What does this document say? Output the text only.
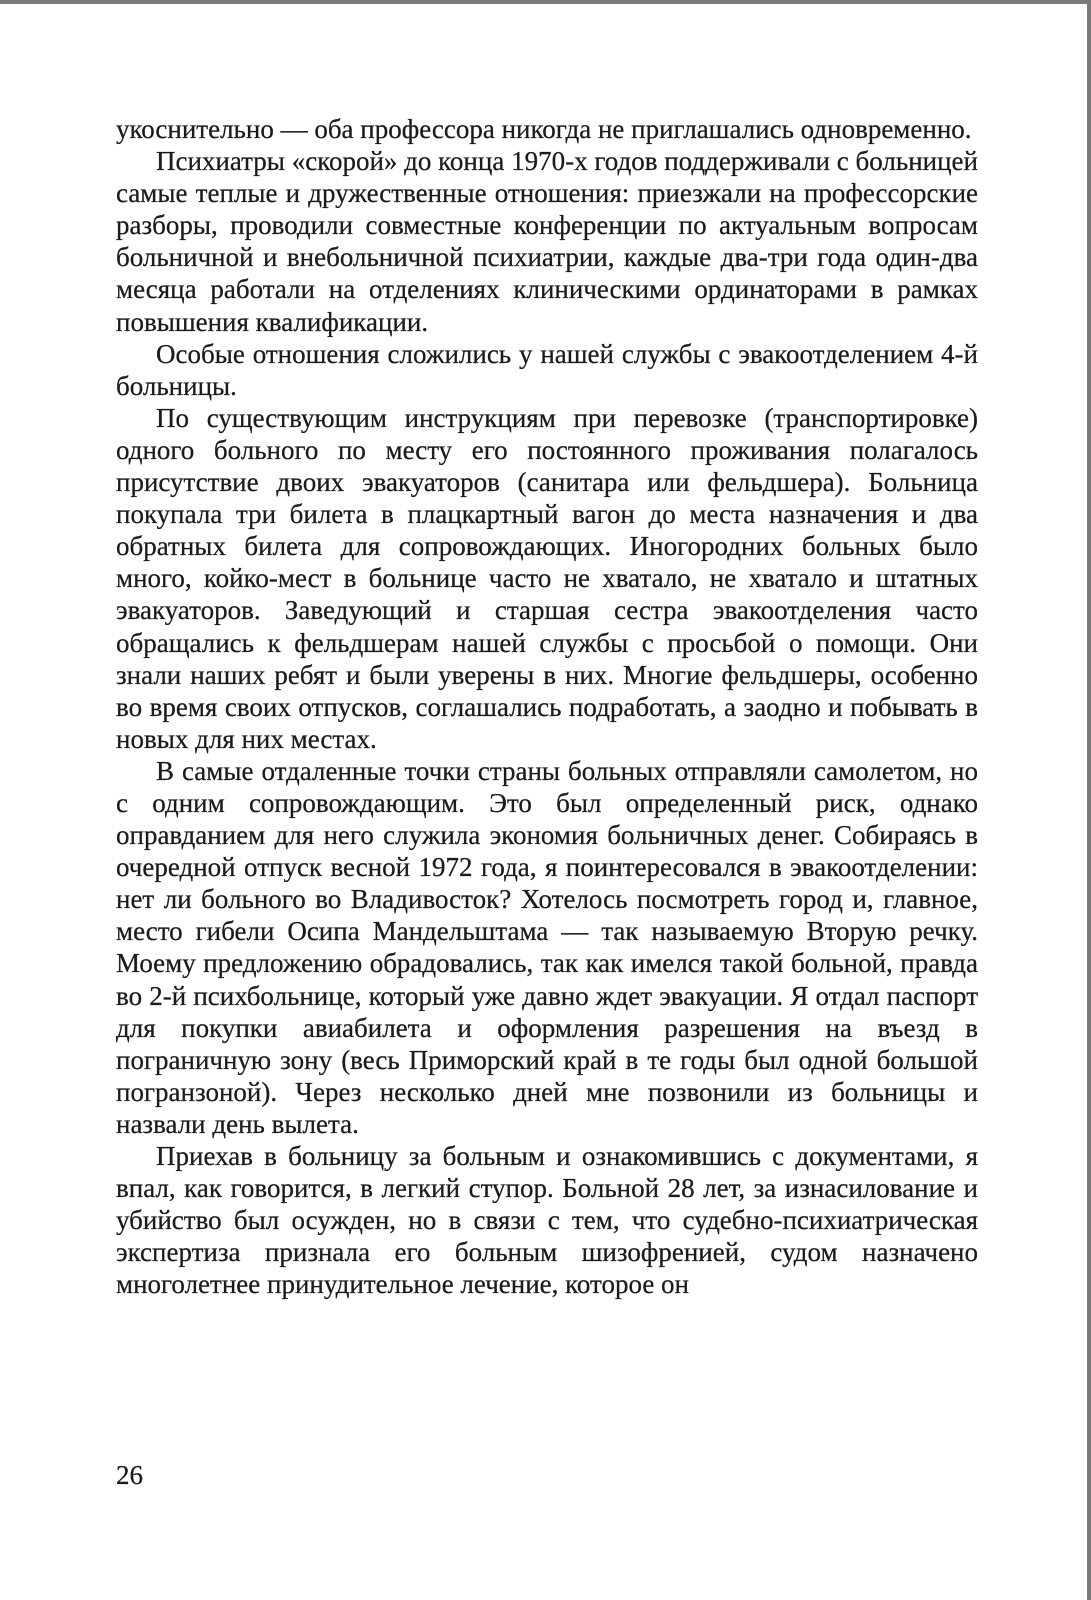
укоснительно — оба профессора никогда не приглашались одновременно.

Психиатры «скорой» до конца 1970-х годов поддерживали с больницей самые теплые и дружественные отношения: приезжали на профессорские разборы, проводили совместные конференции по актуальным вопросам больничной и внебольничной психиатрии, каждые два-три года один-два месяца работали на отделениях клиническими ординаторами в рамках повышения квалификации.

Особые отношения сложились у нашей службы с эвакоотделением 4-й больницы.

По существующим инструкциям при перевозке (транспортировке) одного больного по месту его постоянного проживания полагалось присутствие двоих эвакуаторов (санитара или фельдшера). Больница покупала три билета в плацкартный вагон до места назначения и два обратных билета для сопровождающих. Иногородних больных было много, койко-мест в больнице часто не хватало, не хватало и штатных эвакуаторов. Заведующий и старшая сестра эвакоотделения часто обращались к фельдшерам нашей службы с просьбой о помощи. Они знали наших ребят и были уверены в них. Многие фельдшеры, особенно во время своих отпусков, соглашались подработать, а заодно и побывать в новых для них местах.

В самые отдаленные точки страны больных отправляли самолетом, но с одним сопровождающим. Это был определенный риск, однако оправданием для него служила экономия больничных денег. Собираясь в очередной отпуск весной 1972 года, я поинтересовался в эвакоотделении: нет ли больного во Владивосток? Хотелось посмотреть город и, главное, место гибели Осипа Мандельштама — так называемую Вторую речку. Моему предложению обрадовались, так как имелся такой больной, правда во 2-й психбольнице, который уже давно ждет эвакуации. Я отдал паспорт для покупки авиабилета и оформления разрешения на въезд в пограничную зону (весь Приморский край в те годы был одной большой погранзоной). Через несколько дней мне позвонили из больницы и назвали день вылета.

Приехав в больницу за больным и ознакомившись с документами, я впал, как говорится, в легкий ступор. Больной 28 лет, за изнасилование и убийство был осужден, но в связи с тем, что судебно-психиатрическая экспертиза признала его больным шизофренией, судом назначено многолетнее принудительное лечение, которое он

26
